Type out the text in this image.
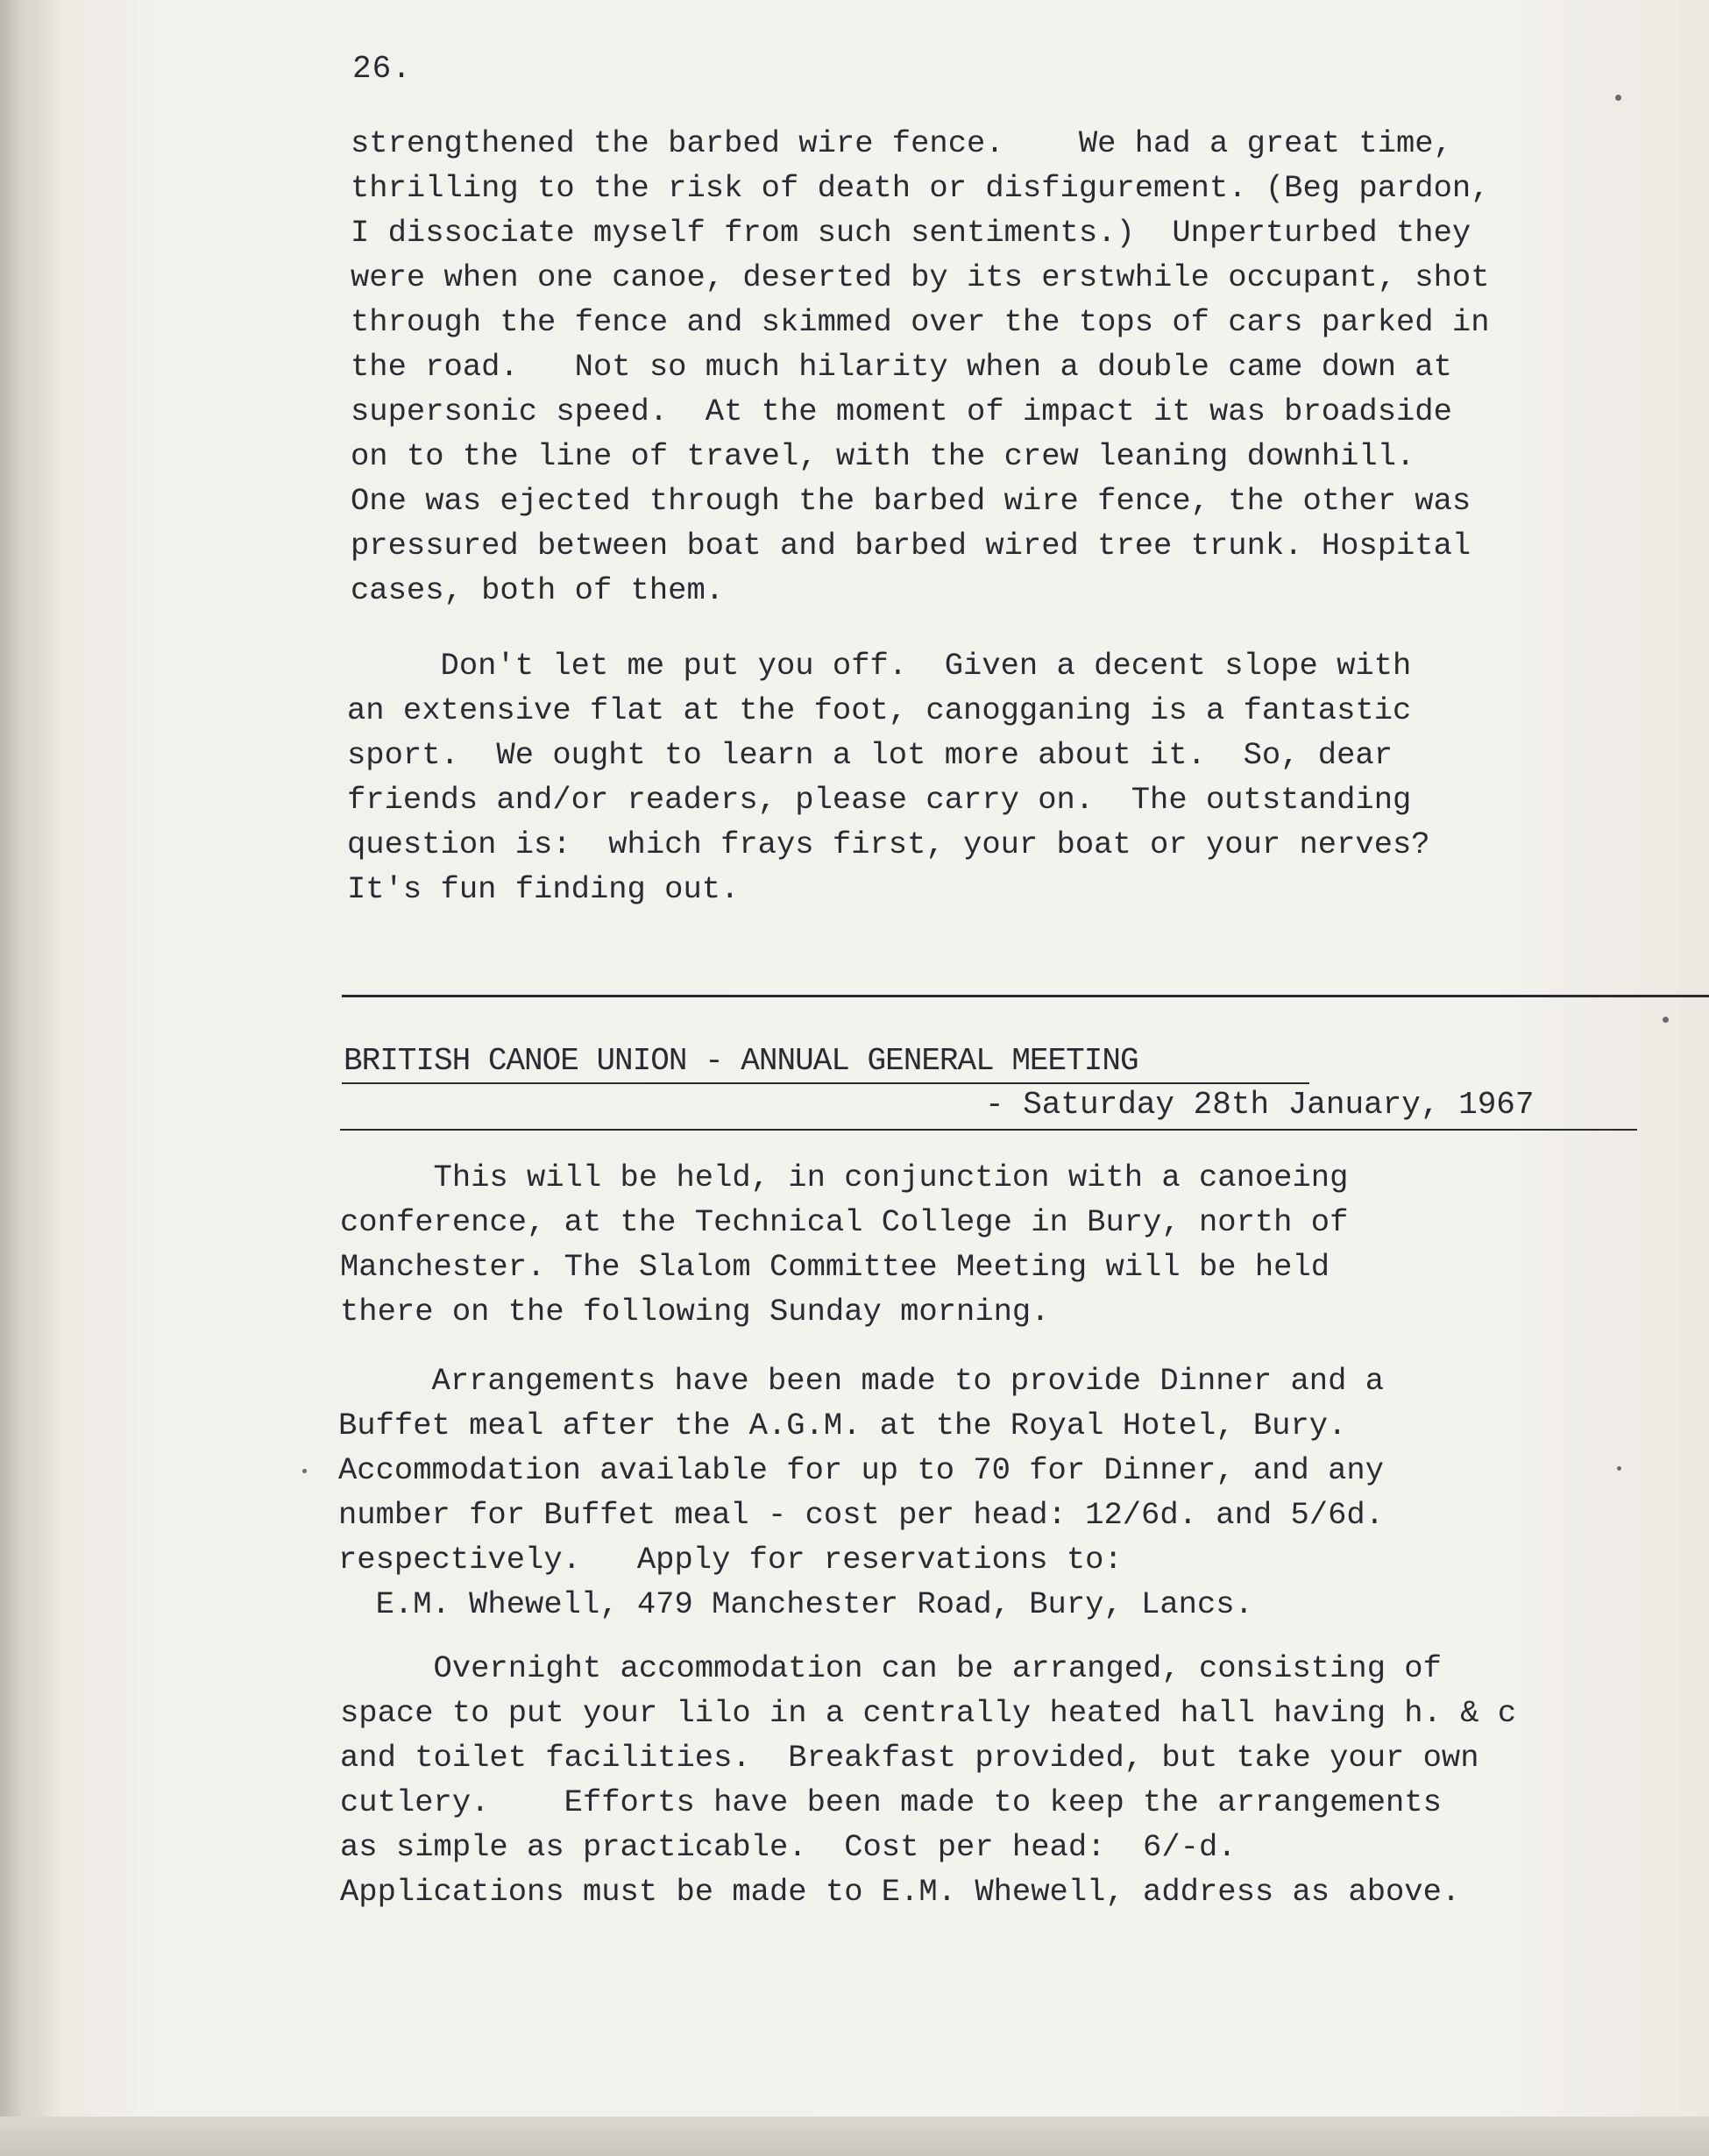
26.
strengthened the barbed wire fence.    We had a great time,
thrilling to the risk of death or disfigurement. (Beg pardon,
I dissociate myself from such sentiments.)  Unperturbed they
were when one canoe, deserted by its erstwhile occupant, shot
through the fence and skimmed over the tops of cars parked in
the road.   Not so much hilarity when a double came down at
supersonic speed.  At the moment of impact it was broadside
on to the line of travel, with the crew leaning downhill.
One was ejected through the barbed wire fence, the other was
pressured between boat and barbed wired tree trunk. Hospital
cases, both of them.
Don't let me put you off.  Given a decent slope with
an extensive flat at the foot, canogganing is a fantastic
sport.  We ought to learn a lot more about it.  So, dear
friends and/or readers, please carry on.  The outstanding
question is:  which frays first, your boat or your nerves?
It's fun finding out.
BRITISH CANOE UNION - ANNUAL GENERAL MEETING
- Saturday 28th January, 1967
This will be held, in conjunction with a canoeing
conference, at the Technical College in Bury, north of
Manchester. The Slalom Committee Meeting will be held
there on the following Sunday morning.
Arrangements have been made to provide Dinner and a
Buffet meal after the A.G.M. at the Royal Hotel, Bury.
Accommodation available for up to 70 for Dinner, and any
number for Buffet meal - cost per head: 12/6d. and 5/6d.
respectively.   Apply for reservations to:
E.M. Whewell, 479 Manchester Road, Bury, Lancs.
Overnight accommodation can be arranged, consisting of
space to put your lilo in a centrally heated hall having h. & c
and toilet facilities.  Breakfast provided, but take your own
cutlery.    Efforts have been made to keep the arrangements
as simple as practicable.  Cost per head:  6/-d.
Applications must be made to E.M. Whewell, address as above.
